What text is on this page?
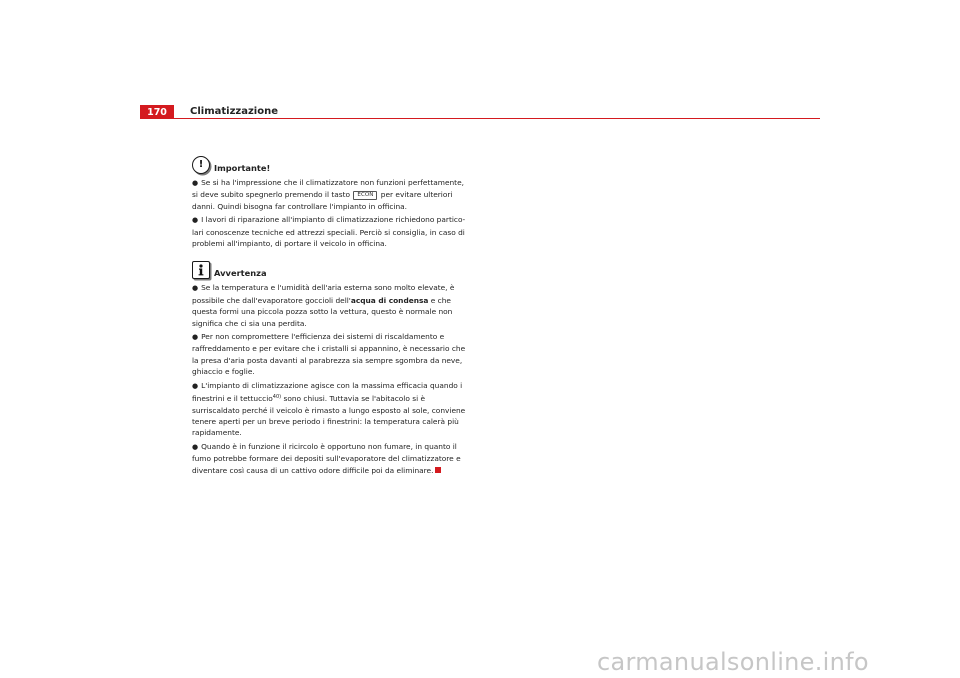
170	Climatizzazione
!	Importante!

● Se si ha l'impressione che il climatizzatore non funzioni perfettamente, si deve subito spegnerlo premendo il tasto ECON per evitare ulteriori danni. Quindi bisogna far controllare l'impianto in officina.

● I lavori di riparazione all'impianto di climatizzazione richiedono particolari conoscenze tecniche ed attrezzi speciali. Perciò si consiglia, in caso di problemi all'impianto, di portare il veicolo in officina.

Avvertenza

● Se la temperatura e l'umidità dell'aria esterna sono molto elevate, è possibile che dall'evaporatore goccioli dell'acqua di condensa e che questa formi una piccola pozza sotto la vettura, questo è normale non significa che ci sia una perdita.

● Per non compromettere l'efficienza dei sistemi di riscaldamento e raffreddamento e per evitare che i cristalli si appannino, è necessario che la presa d'aria posta davanti al parabrezza sia sempre sgombra da neve, ghiaccio e foglie.

● L'impianto di climatizzazione agisce con la massima efficacia quando i finestrini e il tettuccio$^{40)}$ sono chiusi. Tuttavia se l'abitacolo si è surriscaldato perché il veicolo è rimasto a lungo esposto al sole, conviene tenere aperti per un breve periodo i finestrini: la temperatura calerà più rapidamente.

● Quando è in funzione il ricircolo è opportuno non fumare, in quanto il fumo potrebbe formare dei depositi sull'evaporatore del climatizzatore e diventare così causa di un cattivo odore difficile poi da eliminare.

carmanualsonline.info
